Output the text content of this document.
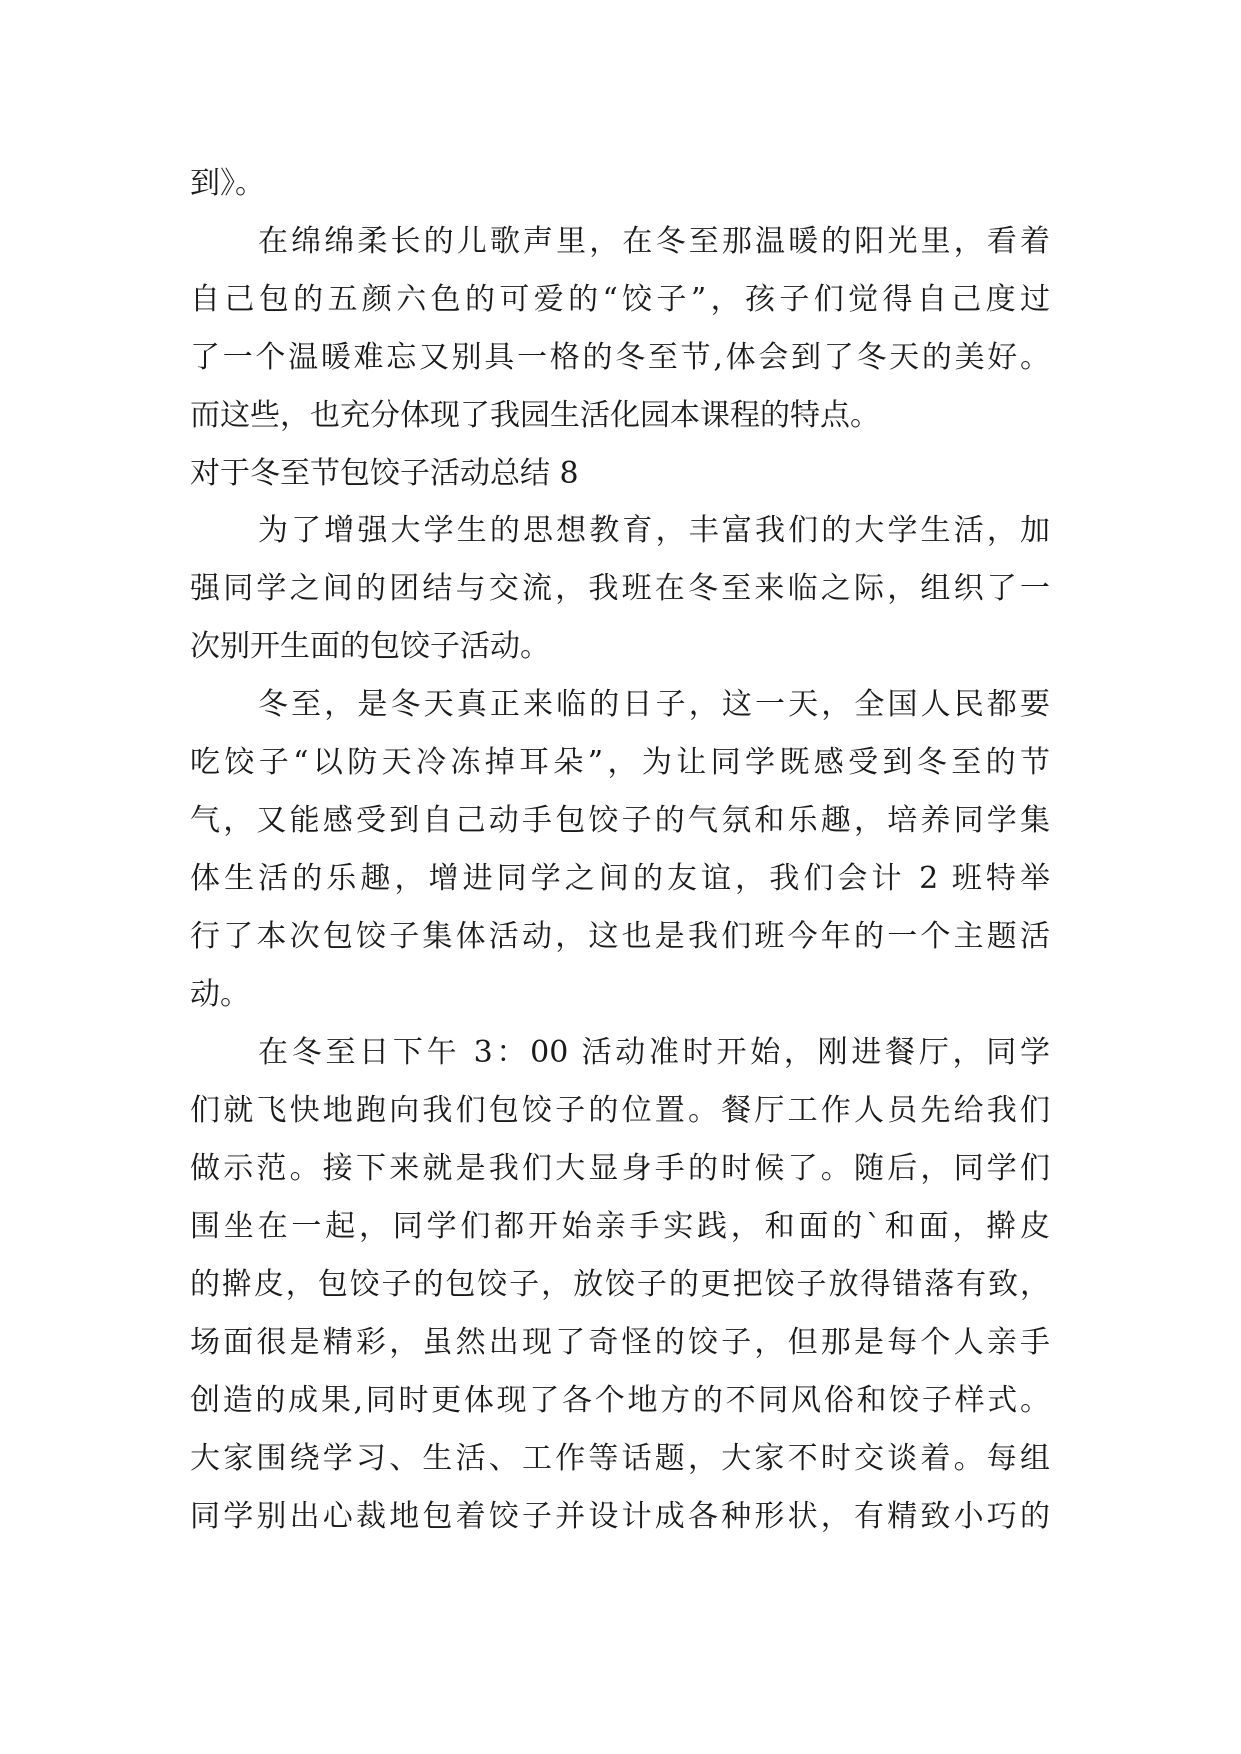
到》。
在绵绵柔长的儿歌声里，在冬至那温暖的阳光里，看着
自己包的五颜六色的可爱的“饺子”，孩子们觉得自己度过
了一个温暖难忘又别具一格的冬至节,体会到了冬天的美好。
而这些，也充分体现了我园生活化园本课程的特点。
对于冬至节包饺子活动总结 8
为了增强大学生的思想教育，丰富我们的大学生活，加
强同学之间的团结与交流，我班在冬至来临之际，组织了一
次别开生面的包饺子活动。
冬至，是冬天真正来临的日子，这一天，全国人民都要
吃饺子“以防天冷冻掉耳朵”，为让同学既感受到冬至的节
气，又能感受到自己动手包饺子的气氛和乐趣，培养同学集
体生活的乐趣，增进同学之间的友谊，我们会计 2 班特举
行了本次包饺子集体活动，这也是我们班今年的一个主题活
动。
在冬至日下午 3：00 活动准时开始，刚进餐厅，同学
们就飞快地跑向我们包饺子的位置。餐厅工作人员先给我们
做示范。接下来就是我们大显身手的时候了。随后，同学们
围坐在一起，同学们都开始亲手实践，和面的`和面，擀皮
的擀皮，包饺子的包饺子，放饺子的更把饺子放得错落有致，
场面很是精彩，虽然出现了奇怪的饺子，但那是每个人亲手
创造的成果,同时更体现了各个地方的不同风俗和饺子样式。
大家围绕学习、生活、工作等话题，大家不时交谈着。每组
同学别出心裁地包着饺子并设计成各种形状，有精致小巧的
